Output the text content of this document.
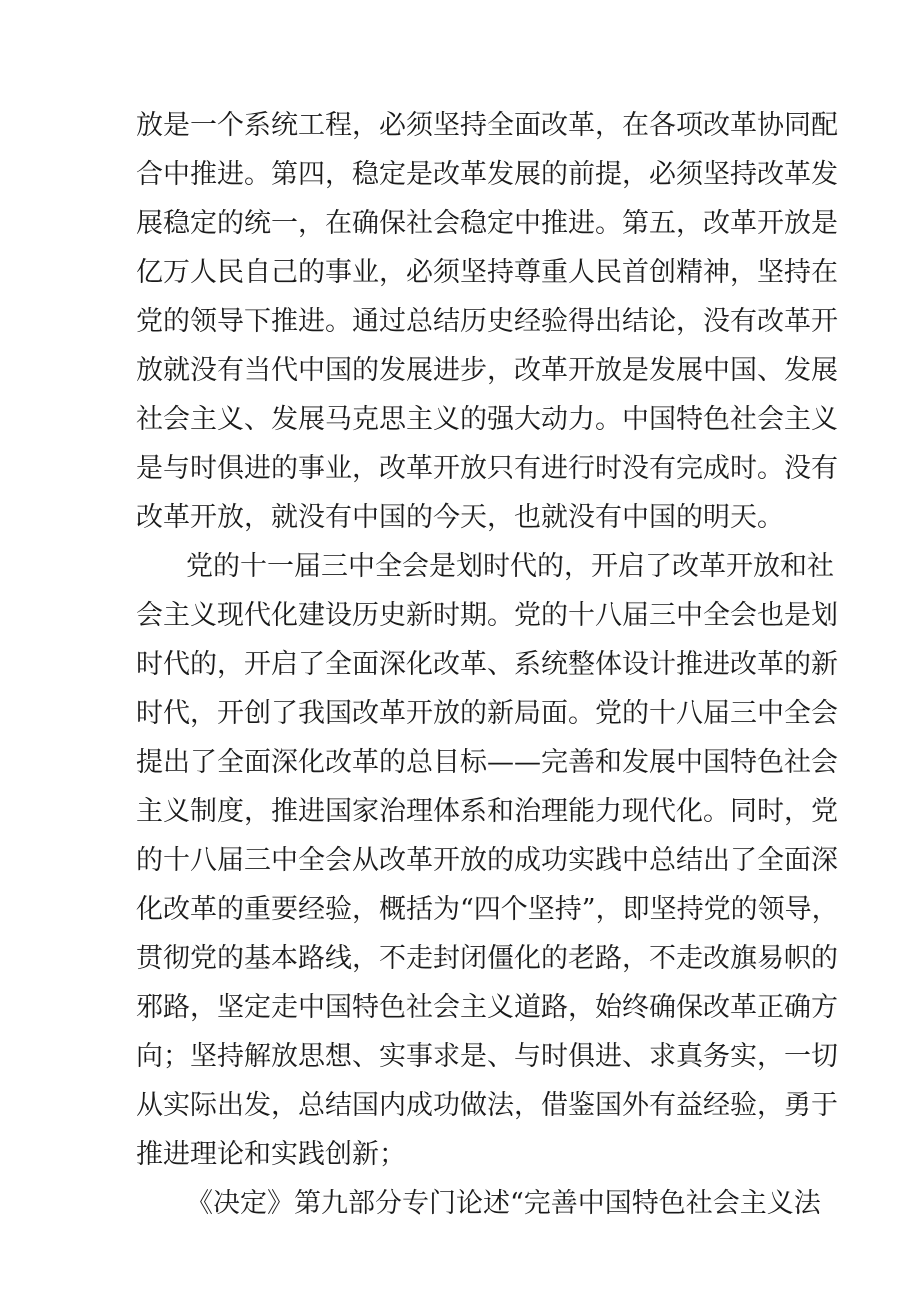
放是一个系统工程，必须坚持全面改革，在各项改革协同配

合中推进。第四，稳定是改革发展的前提，必须坚持改革发

展稳定的统一，在确保社会稳定中推进。第五，改革开放是

亿万人民自己的事业，必须坚持尊重人民首创精神，坚持在

党的领导下推进。通过总结历史经验得出结论，没有改革开

放就没有当代中国的发展进步，改革开放是发展中国、发展

社会主义、发展马克思主义的强大动力。中国特色社会主义

是与时俱进的事业，改革开放只有进行时没有完成时。没有

改革开放，就没有中国的今天，也就没有中国的明天。

党的十一届三中全会是划时代的，开启了改革开放和社

会主义现代化建设历史新时期。党的十八届三中全会也是划

时代的，开启了全面深化改革、系统整体设计推进改革的新

时代，开创了我国改革开放的新局面。党的十八届三中全会

提出了全面深化改革的总目标——完善和发展中国特色社会

主义制度，推进国家治理体系和治理能力现代化。同时，党

的十八届三中全会从改革开放的成功实践中总结出了全面深

化改革的重要经验，概括为“四个坚持”，即坚持党的领导，

贯彻党的基本路线，不走封闭僵化的老路，不走改旗易帜的

邪路，坚定走中国特色社会主义道路，始终确保改革正确方

向；坚持解放思想、实事求是、与时俱进、求真务实，一切

从实际出发，总结国内成功做法，借鉴国外有益经验，勇于

推进理论和实践创新；

《决定》第九部分专门论述“完善中国特色社会主义法
